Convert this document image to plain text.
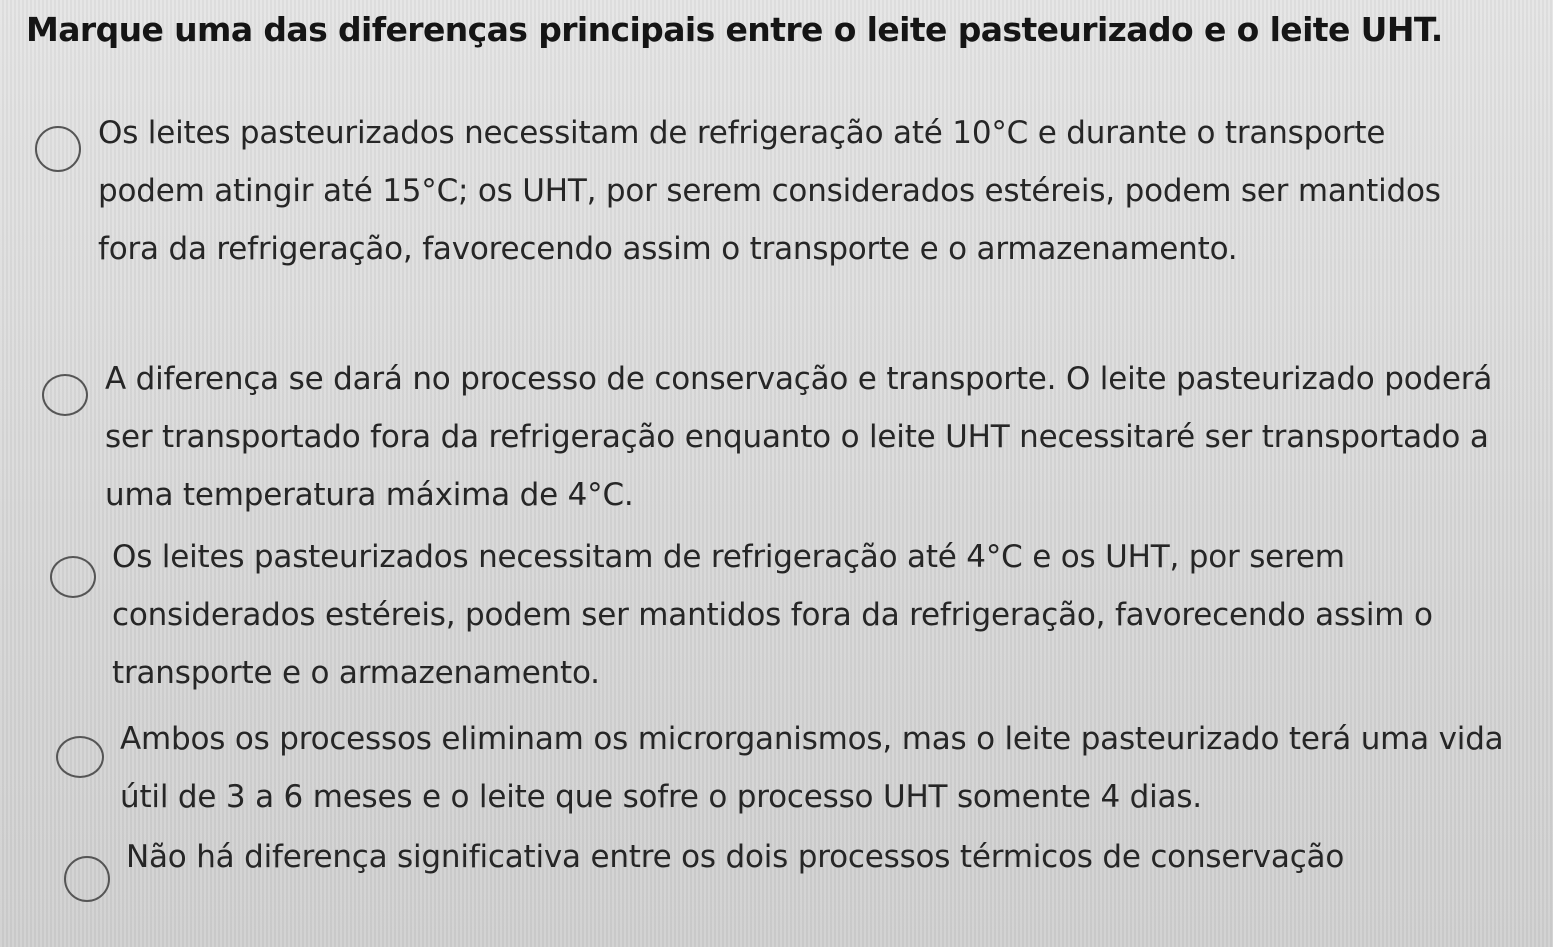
Marque uma das diferenças principais entre o leite pasteurizado e o leite UHT.
Os leites pasteurizados necessitam de refrigeração até 10°C e durante o transporte podem atingir até 15°C; os UHT, por serem considerados estéreis, podem ser mantidos fora da refrigeração, favorecendo assim o transporte e o armazenamento.
A diferença se dará no processo de conservação e transporte. O leite pasteurizado poderá ser transportado fora da refrigeração enquanto o leite UHT necessitaré ser transportado a uma temperatura máxima de 4°C.
Os leites pasteurizados necessitam de refrigeração até 4°C e os UHT, por serem considerados estéreis, podem ser mantidos fora da refrigeração, favorecendo assim o transporte e o armazenamento.
Ambos os processos eliminam os microrganismos, mas o leite pasteurizado terá uma vida útil de 3 a 6 meses e o leite que sofre o processo UHT somente 4 dias.
Não há diferença significativa entre os dois processos térmicos de conservação
